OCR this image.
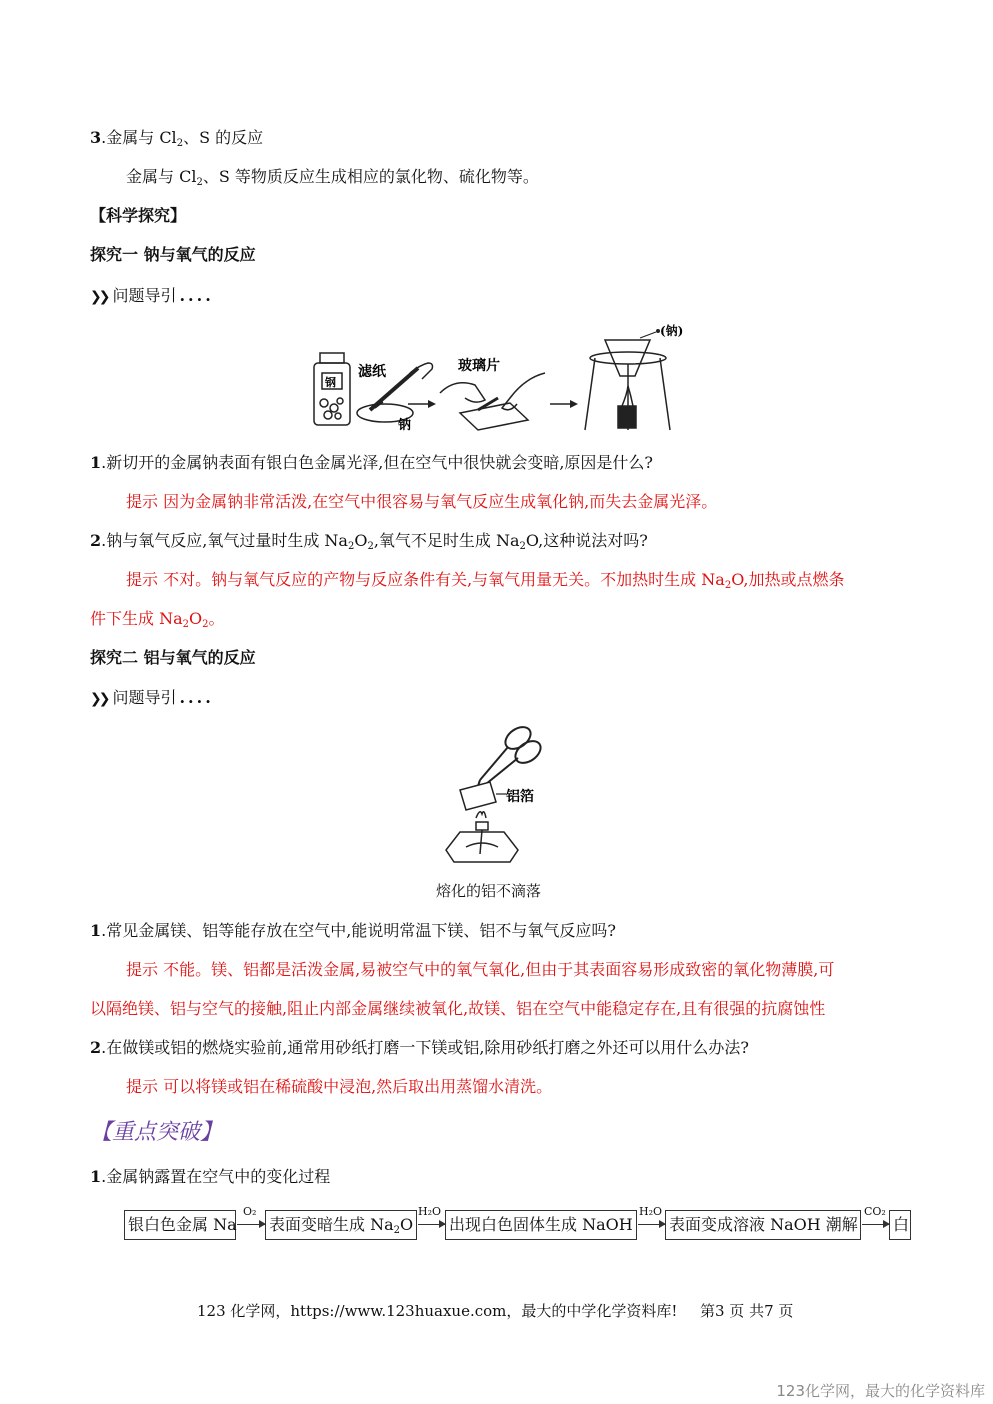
3.金属与 $Cl_2$、S 的反应
金属与 $Cl_2$、S 等物质反应生成相应的氯化物、硫化物等。
【科学探究】
探究一 钠与氧气的反应
❯❯ 问题导引 ....
钢
滤纸
钠
玻璃片
(钠)
1.新切开的金属钠表面有银白色金属光泽,但在空气中很快就会变暗,原因是什么?
提示 因为金属钠非常活泼,在空气中很容易与氧气反应生成氧化钠,而失去金属光泽。
2.钠与氧气反应,氧气过量时生成 $Na_2O_2$,氧气不足时生成 $Na_2O$,这种说法对吗?
提示 不对。钠与氧气反应的产物与反应条件有关,与氧气用量无关。不加热时生成 $Na_2O$,加热或点燃条
件下生成 $Na_2O_2$。
探究二 铝与氧气的反应
❯❯ 问题导引 ....
铝箔
熔化的铝不滴落
1.常见金属镁、铝等能存放在空气中,能说明常温下镁、铝不与氧气反应吗?
提示 不能。镁、铝都是活泼金属,易被空气中的氧气氧化,但由于其表面容易形成致密的氧化物薄膜,可
以隔绝镁、铝与空气的接触,阻止内部金属继续被氧化,故镁、铝在空气中能稳定存在,且有很强的抗腐蚀性
2.在做镁或铝的燃烧实验前,通常用砂纸打磨一下镁或铝,除用砂纸打磨之外还可以用什么办法?
提示 可以将镁或铝在稀硫酸中浸泡,然后取出用蒸馏水清洗。
【重点突破】
1.金属钠露置在空气中的变化过程
银白色金属 Na
O₂
表面变暗生成 $Na_2O$
H₂O
出现白色固体生成 NaOH
H₂O
表面变成溶液 NaOH 潮解
CO₂
白
123 化学网，https://www.123huaxue.com，最大的中学化学资料库! 第3 页 共7 页
123化学网，最大的化学资料库
